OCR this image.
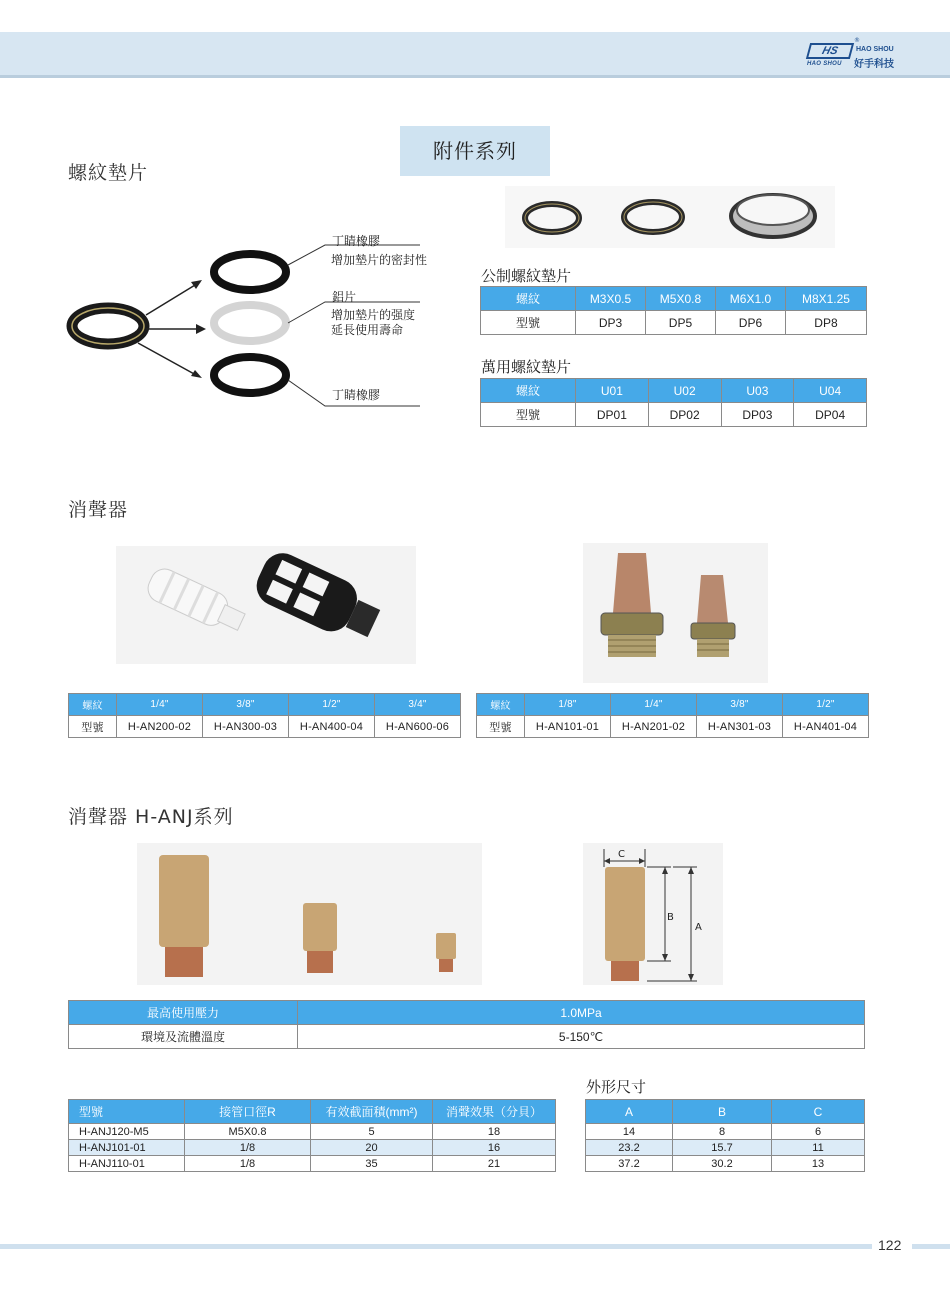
HS
HAO SHOU
®
HAO SHOU
好手科技
附件系列
螺紋墊片
丁睛橡膠
增加墊片的密封性
鋁片
增加墊片的强度
延長使用壽命
丁睛橡膠
公制螺紋墊片
螺紋	M3X0.5	M5X0.8	M6X1.0	M8X1.25
型號	DP3	DP5	DP6	DP8
萬用螺紋墊片
螺紋	U01	U02	U03	U04
型號	DP01	DP02	DP03	DP04
消聲器
螺紋	1/4"	3/8"	1/2"	3/4"
型號	H-AN200-02	H-AN300-03	H-AN400-04	H-AN600-06
螺紋	1/8"	1/4"	3/8"	1/2"
型號	H-AN101-01	H-AN201-02	H-AN301-03	H-AN401-04
消聲器 H-ANJ系列
C
B
A
最高使用壓力	1.0MPa
環境及流體溫度	5-150℃
型號	接管口徑R	有效截面積(mm²)	消聲效果（分貝）
H-ANJ120-M5	M5X0.8	5	18
H-ANJ101-01	1/8	20	16
H-ANJ110-01	1/8	35	21
外形尺寸
A	B	C
14	8	6
23.2	15.7	11
37.2	30.2	13
122
